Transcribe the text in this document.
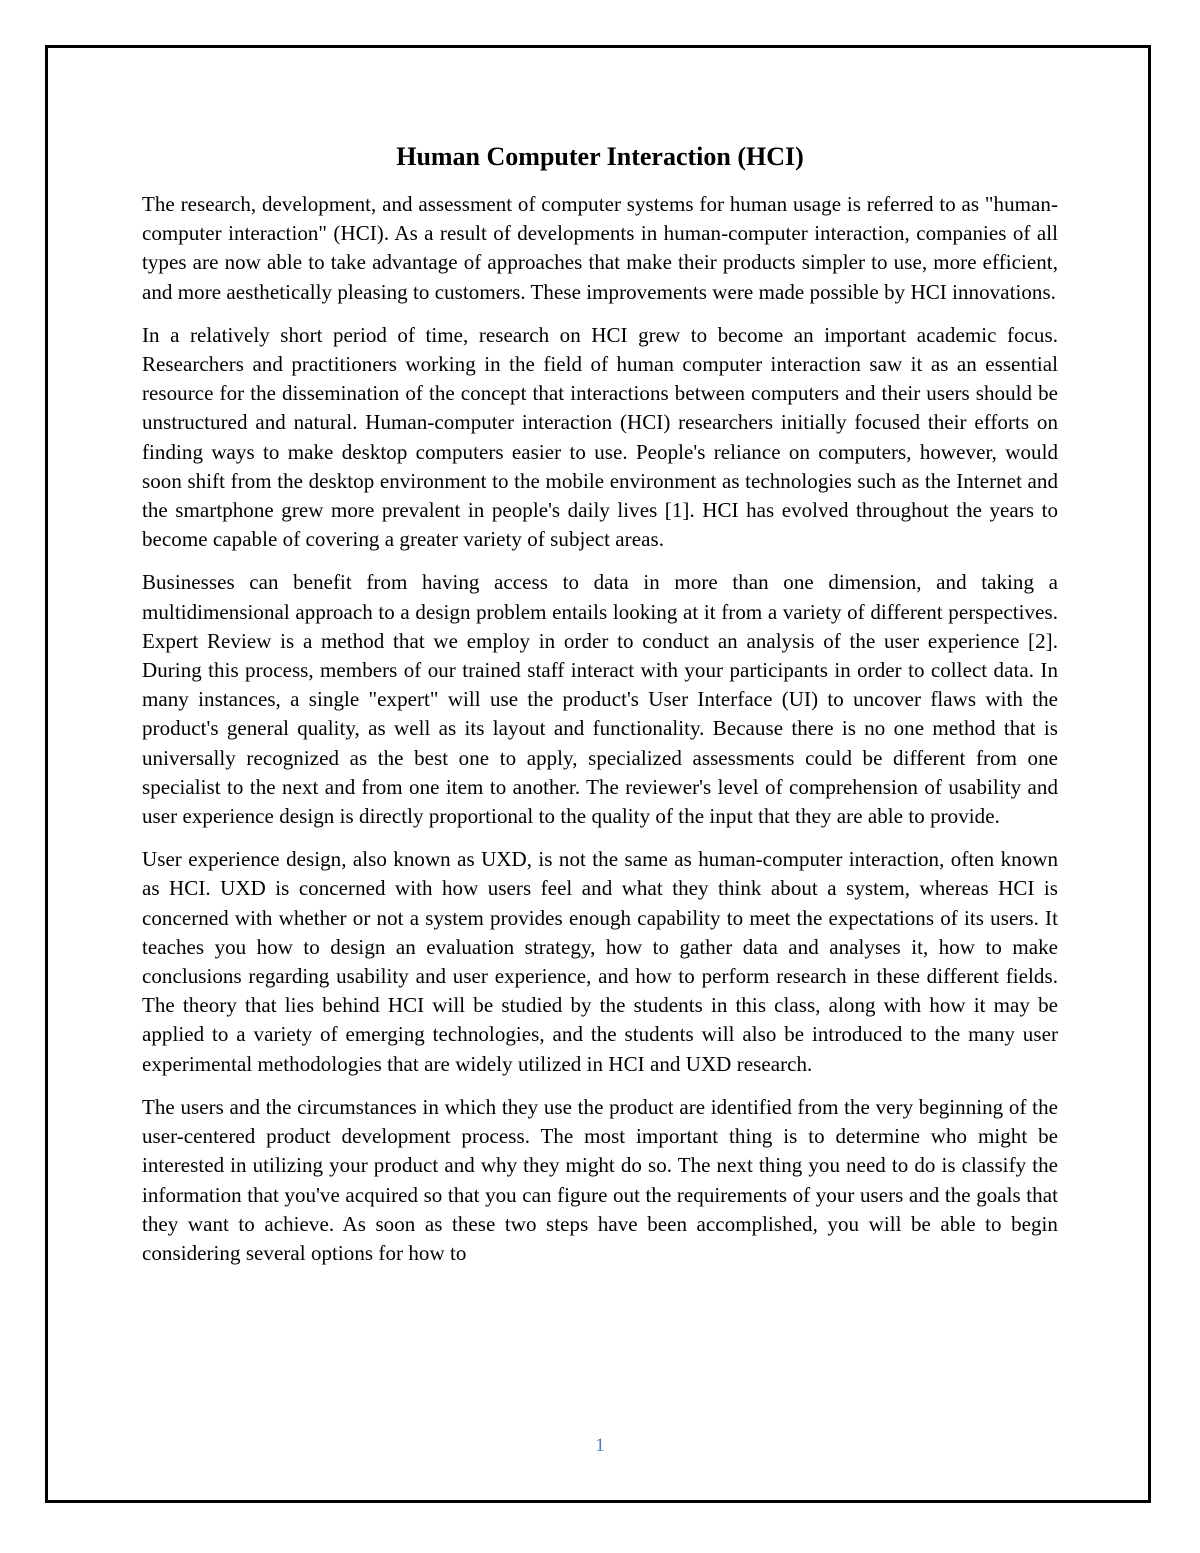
Human Computer Interaction (HCI)

The research, development, and assessment of computer systems for human usage is referred to as "human-computer interaction" (HCI). As a result of developments in human-computer interaction, companies of all types are now able to take advantage of approaches that make their products simpler to use, more efficient, and more aesthetically pleasing to customers. These improvements were made possible by HCI innovations.

In a relatively short period of time, research on HCI grew to become an important academic focus. Researchers and practitioners working in the field of human computer interaction saw it as an essential resource for the dissemination of the concept that interactions between computers and their users should be unstructured and natural. Human-computer interaction (HCI) researchers initially focused their efforts on finding ways to make desktop computers easier to use. People's reliance on computers, however, would soon shift from the desktop environment to the mobile environment as technologies such as the Internet and the smartphone grew more prevalent in people's daily lives [1]. HCI has evolved throughout the years to become capable of covering a greater variety of subject areas.

Businesses can benefit from having access to data in more than one dimension, and taking a multidimensional approach to a design problem entails looking at it from a variety of different perspectives. Expert Review is a method that we employ in order to conduct an analysis of the user experience [2]. During this process, members of our trained staff interact with your participants in order to collect data. In many instances, a single "expert" will use the product's User Interface (UI) to uncover flaws with the product's general quality, as well as its layout and functionality. Because there is no one method that is universally recognized as the best one to apply, specialized assessments could be different from one specialist to the next and from one item to another. The reviewer's level of comprehension of usability and user experience design is directly proportional to the quality of the input that they are able to provide.

User experience design, also known as UXD, is not the same as human-computer interaction, often known as HCI. UXD is concerned with how users feel and what they think about a system, whereas HCI is concerned with whether or not a system provides enough capability to meet the expectations of its users. It teaches you how to design an evaluation strategy, how to gather data and analyses it, how to make conclusions regarding usability and user experience, and how to perform research in these different fields. The theory that lies behind HCI will be studied by the students in this class, along with how it may be applied to a variety of emerging technologies, and the students will also be introduced to the many user experimental methodologies that are widely utilized in HCI and UXD research.

The users and the circumstances in which they use the product are identified from the very beginning of the user-centered product development process. The most important thing is to determine who might be interested in utilizing your product and why they might do so. The next thing you need to do is classify the information that you've acquired so that you can figure out the requirements of your users and the goals that they want to achieve. As soon as these two steps have been accomplished, you will be able to begin considering several options for how to

1
